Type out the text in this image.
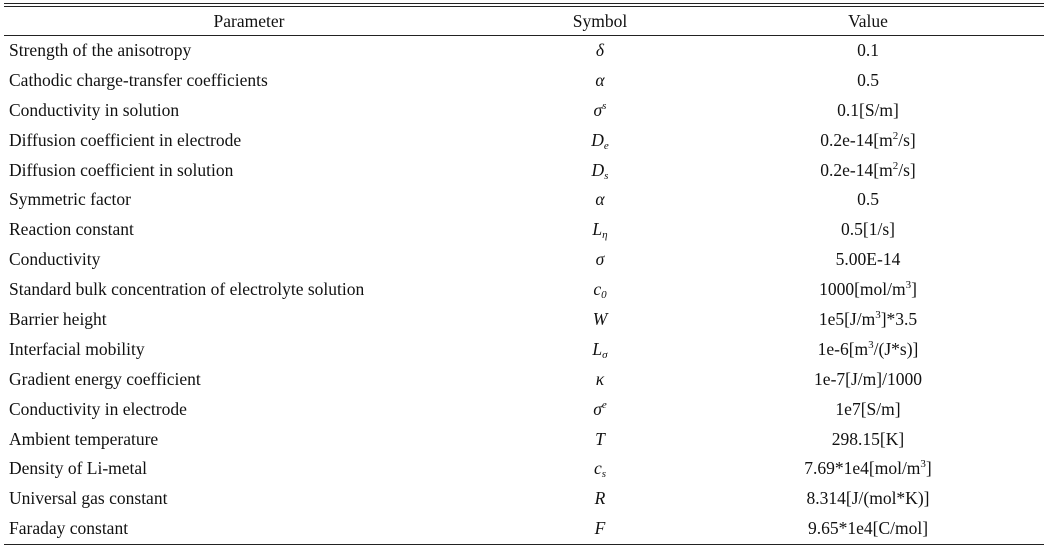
Parameter	Symbol	Value
Strength of the anisotropy	δ	0.1
Cathodic charge-transfer coefficients	α	0.5
Conductivity in solution	$\sigma^s$	0.1[S/m]
Diffusion coefficient in electrode	$D_e$	$0.2e-14[m^2/s]$
Diffusion coefficient in solution	$D_s$	$0.2e-14[m^2/s]$
Symmetric factor	α	0.5
Reaction constant	$L_\eta$	0.5[1/s]
Conductivity	σ	5.00E-14
Standard bulk concentration of electrolyte solution	$c_0$	$1000[mol/m^3]$
Barrier height	W	$1e5[J/m^3]*3.5$
Interfacial mobility	$L_\sigma$	$1e-6[m^3/(J*s)]$
Gradient energy coefficient	κ	1e-7[J/m]/1000
Conductivity in electrode	$\sigma^e$	1e7[S/m]
Ambient temperature	T	298.15[K]
Density of Li-metal	$c_s$	$7.69*1e4[mol/m^3]$
Universal gas constant	R	8.314[J/(mol*K)]
Faraday constant	F	9.65*1e4[C/mol]
